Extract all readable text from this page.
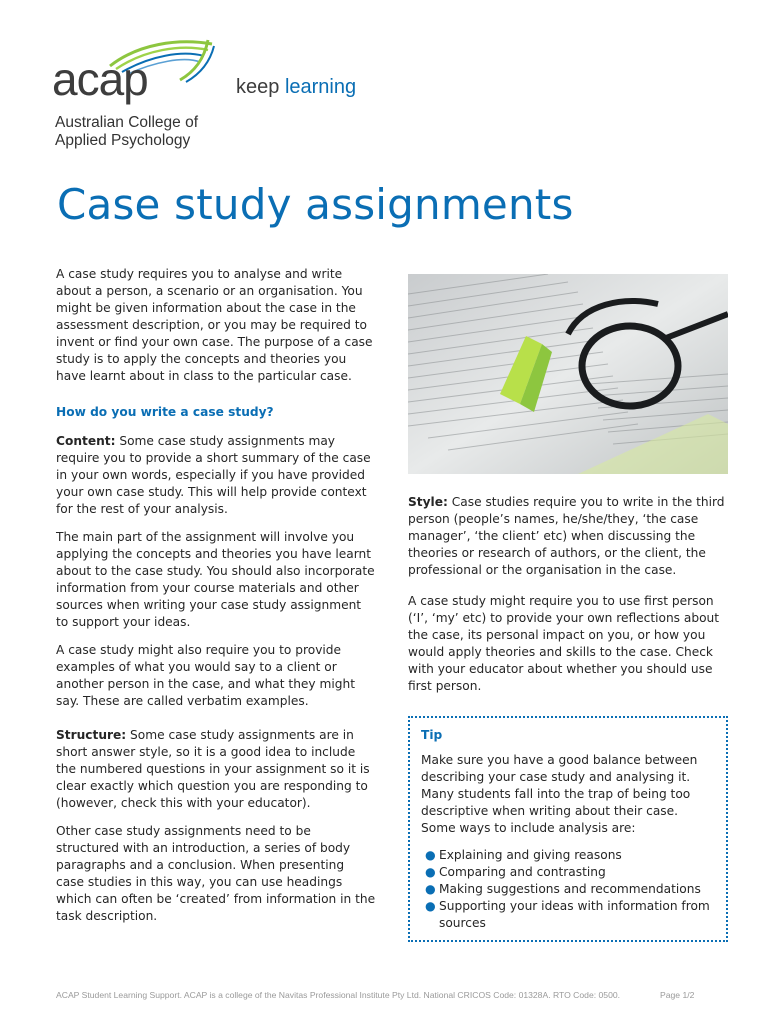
acap	keep learning
Australian College of
Applied Psychology
Case study assignments

A case study requires you to analyse and write about a person, a scenario or an organisation. You might be given information about the case in the assessment description, or you may be required to invent or find your own case. The purpose of a case study is to apply the concepts and theories you have learnt about in class to the particular case.

How do you write a case study?

Content: Some case study assignments may require you to provide a short summary of the case in your own words, especially if you have provided your own case study. This will help provide context for the rest of your analysis.

The main part of the assignment will involve you applying the concepts and theories you have learnt about to the case study. You should also incorporate information from your course materials and other sources when writing your case study assignment to support your ideas.

A case study might also require you to provide examples of what you would say to a client or another person in the case, and what they might say. These are called verbatim examples.

Structure: Some case study assignments are in short answer style, so it is a good idea to include the numbered questions in your assignment so it is clear exactly which question you are responding to (however, check this with your educator).

Other case study assignments need to be structured with an introduction, a series of body paragraphs and a conclusion. When presenting case studies in this way, you can use headings which can often be ‘created’ from information in the task description.

Style: Case studies require you to write in the third person (people’s names, he/she/they, ‘the case manager’, ‘the client’ etc) when discussing the theories or research of authors, or the client, the professional or the organisation in the case.

A case study might require you to use first person (‘I’, ‘my’ etc) to provide your own reflections about the case, its personal impact on you, or how you would apply theories and skills to the case. Check with your educator about whether you should use first person.

Tip
Make sure you have a good balance between describing your case study and analysing it. Many students fall into the trap of being too descriptive when writing about their case. Some ways to include analysis are:
● Explaining and giving reasons
● Comparing and contrasting
● Making suggestions and recommendations
● Supporting your ideas with information from sources
ACAP Student Learning Support. ACAP is a college of the Navitas Professional Institute Pty Ltd. National CRICOS Code: 01328A. RTO Code: 0500.	Page 1/2
